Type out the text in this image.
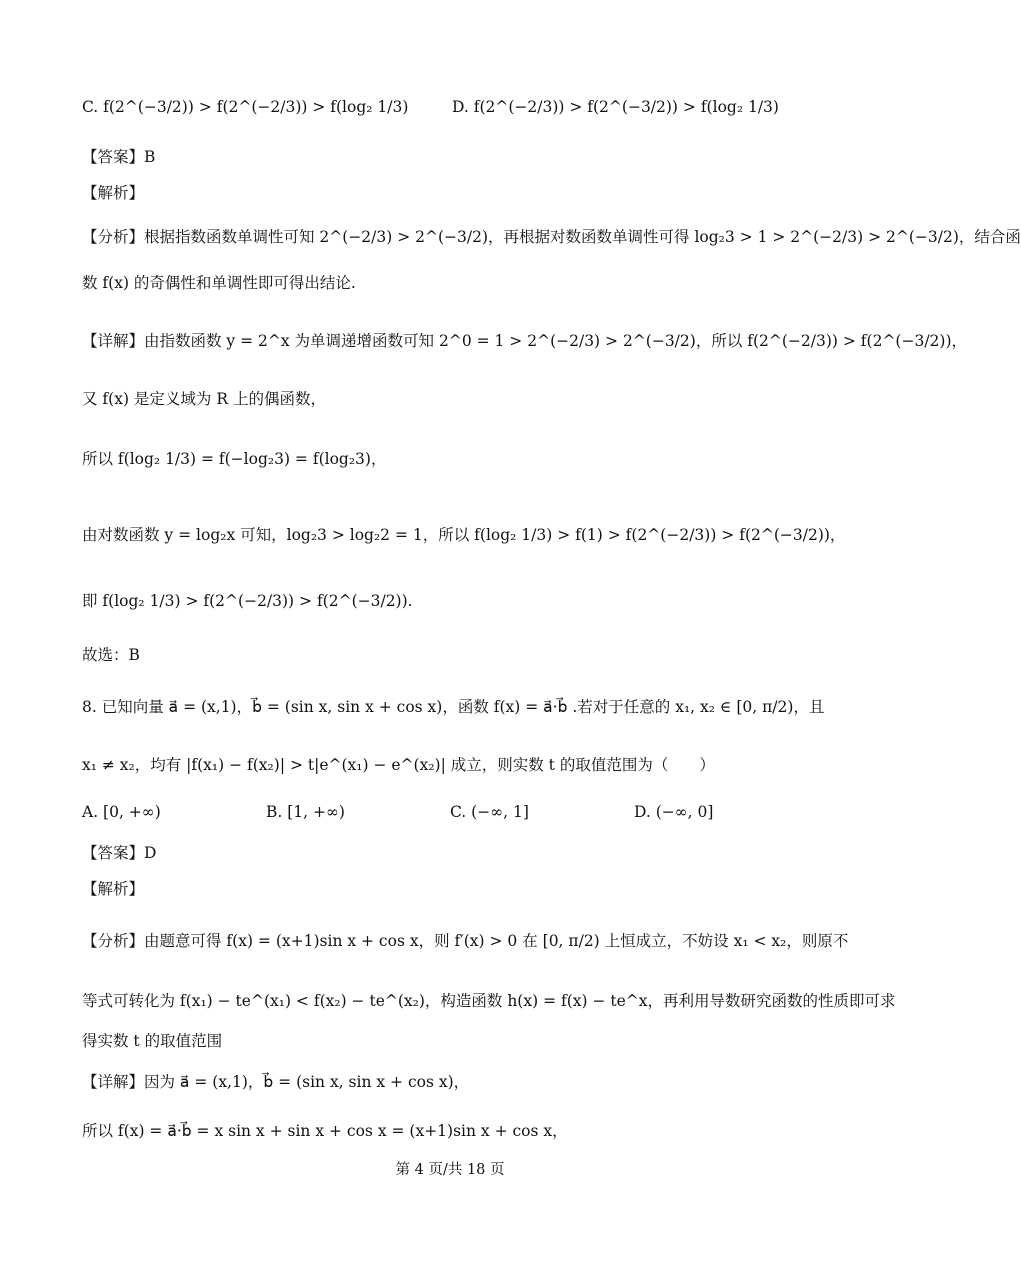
C. f(2^(−3/2)) > f(2^(−2/3)) > f(log₂ 1/3)	D. f(2^(−2/3)) > f(2^(−3/2)) > f(log₂ 1/3)
【答案】B
【解析】
【分析】根据指数函数单调性可知 2^(−2/3) > 2^(−3/2)，再根据对数函数单调性可得 log₂3 > 1 > 2^(−2/3) > 2^(−3/2)，结合函
数 f(x) 的奇偶性和单调性即可得出结论.
【详解】由指数函数 y = 2^x 为单调递增函数可知 2^0 = 1 > 2^(−2/3) > 2^(−3/2)，所以 f(2^(−2/3)) > f(2^(−3/2))，
又 f(x) 是定义域为 R 上的偶函数，
所以 f(log₂ 1/3) = f(−log₂3) = f(log₂3)，
由对数函数 y = log₂x 可知，log₂3 > log₂2 = 1，所以 f(log₂ 1/3) > f(1) > f(2^(−2/3)) > f(2^(−3/2))，
即 f(log₂ 1/3) > f(2^(−2/3)) > f(2^(−3/2)).
故选：B
8. 已知向量 a⃗ = (x,1)，b⃗ = (sin x, sin x + cos x)，函数 f(x) = a⃗·b⃗ .若对于任意的 x₁, x₂ ∈ [0, π/2)，且
x₁ ≠ x₂，均有 |f(x₁) − f(x₂)| > t|e^(x₁) − e^(x₂)| 成立，则实数 t 的取值范围为（　　）
A. [0, +∞)	B. [1, +∞)	C. (−∞, 1]	D. (−∞, 0]
【答案】D
【解析】
【分析】由题意可得 f(x) = (x+1)sin x + cos x，则 f′(x) > 0 在 [0, π/2) 上恒成立，不妨设 x₁ < x₂，则原不
等式可转化为 f(x₁) − te^(x₁) < f(x₂) − te^(x₂)，构造函数 h(x) = f(x) − te^x，再利用导数研究函数的性质即可求
得实数 t 的取值范围
【详解】因为 a⃗ = (x,1)，b⃗ = (sin x, sin x + cos x)，
所以 f(x) = a⃗·b⃗ = x sin x + sin x + cos x = (x+1)sin x + cos x，
第 4 页/共 18 页
